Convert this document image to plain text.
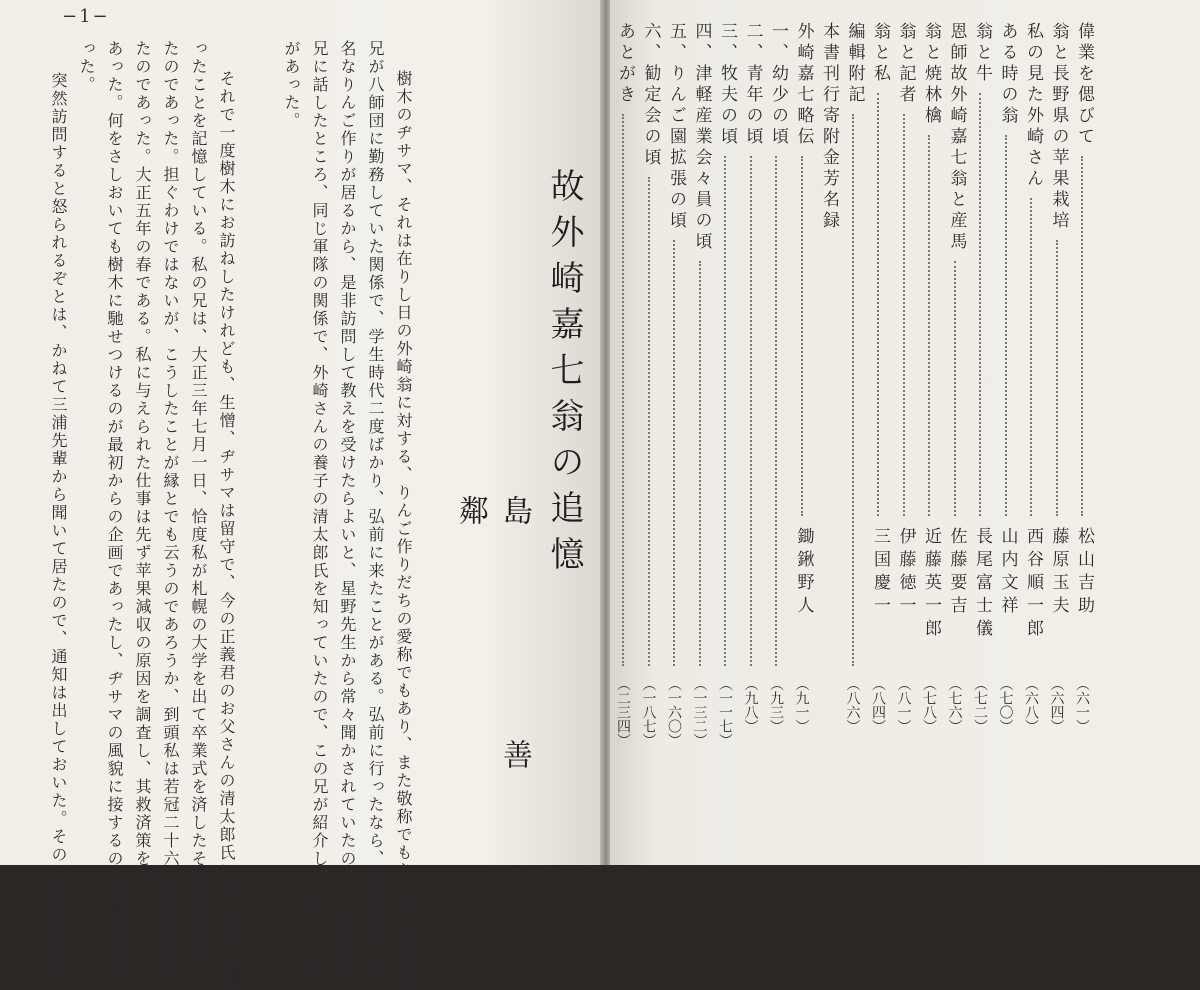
−1−
故外崎嘉七翁の追憶
島　善　鄰
樹木のヂサマ、それは在りし日の外崎翁に対する、りんご作りだちの愛称でもあり、また敬称でもあった。私は実
兄が八師団に勤務していた関係で、学生時代二度ばかり、弘前に来たことがある。弘前に行ったなら、外崎と云う有
名なりんご作りが居るから、是非訪問して教えを受けたらよいと、星野先生から常々聞かされていたので、その事を
兄に話したところ、同じ軍隊の関係で、外崎さんの養子の清太郎氏を知っていたので、この兄が紹介して呉れたこと
があった。
それで一度樹木にお訪ねしたけれども、生憎、ヂサマは留守で、今の正義君のお父さんの清太郎氏にだけ逢って帰
ったことを記憶している。私の兄は、大正三年七月一日、恰度私が札幌の大学を出て卒業式を済したその日に病死し
たのであった。担ぐわけではないが、こうしたことが縁とでも云うのであろうか、到頭私は若冠二十六才で黒石に来
たのであった。大正五年の春である。私に与えられた仕事は先ず苹果減収の原因を調査し、其救済策を建てることで
あった。何をさしおいても樹木に馳せつけるのが最初からの企画であったし、ヂサマの風貌に接するのも楽しみであ
った。
突然訪問すると怒られるぞとは、かねて三浦先輩から聞いて居たので、通知は出しておいた。そのためだろう快く	偉業を偲びて
松山吉助
（六一）
翁と長野県の苹果栽培
藤原玉夫
（六四）
私の見た外崎さん
西谷順一郎
（六八）
ある時の翁
山内文祥
（七〇）
翁と牛
長尾富士儀
（七二）
恩師故外崎嘉七翁と産馬
佐藤要吉
（七六）
翁と焼林檎
近藤英一郎
（七八）
翁と記者
伊藤徳一
（八一）
翁と私
三国慶一
（八四）
編輯附記
（八六）
本書刊行寄附金芳名録
外崎嘉七略伝
鋤鍬野人
（九一）
一、幼少の頃
（九三）
二、青年の頃
（九八）
三、牧夫の頃
（一一七）
四、津軽産業会々員の頃
（一三二）
五、りんご園拡張の頃
（一六〇）
六、勧定会の頃
（一八七）
あとがき
（二三四）
